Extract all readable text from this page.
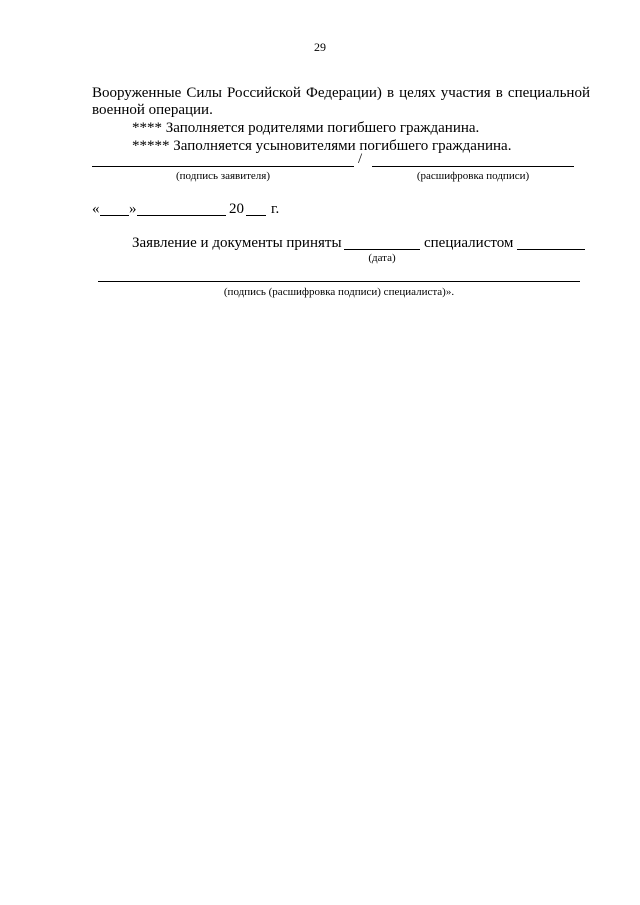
29
Вооруженные Силы Российской Федерации) в целях участия в специальной
военной операции.
**** Заполняется родителями погибшего гражданина.
***** Заполняется усыновителями погибшего гражданина.
/
(подпись заявителя)	(расшифровка подписи)
« »	20 г.
Заявление и документы приняты	специалистом
(дата)
(подпись (расшифровка подписи) специалиста)».
